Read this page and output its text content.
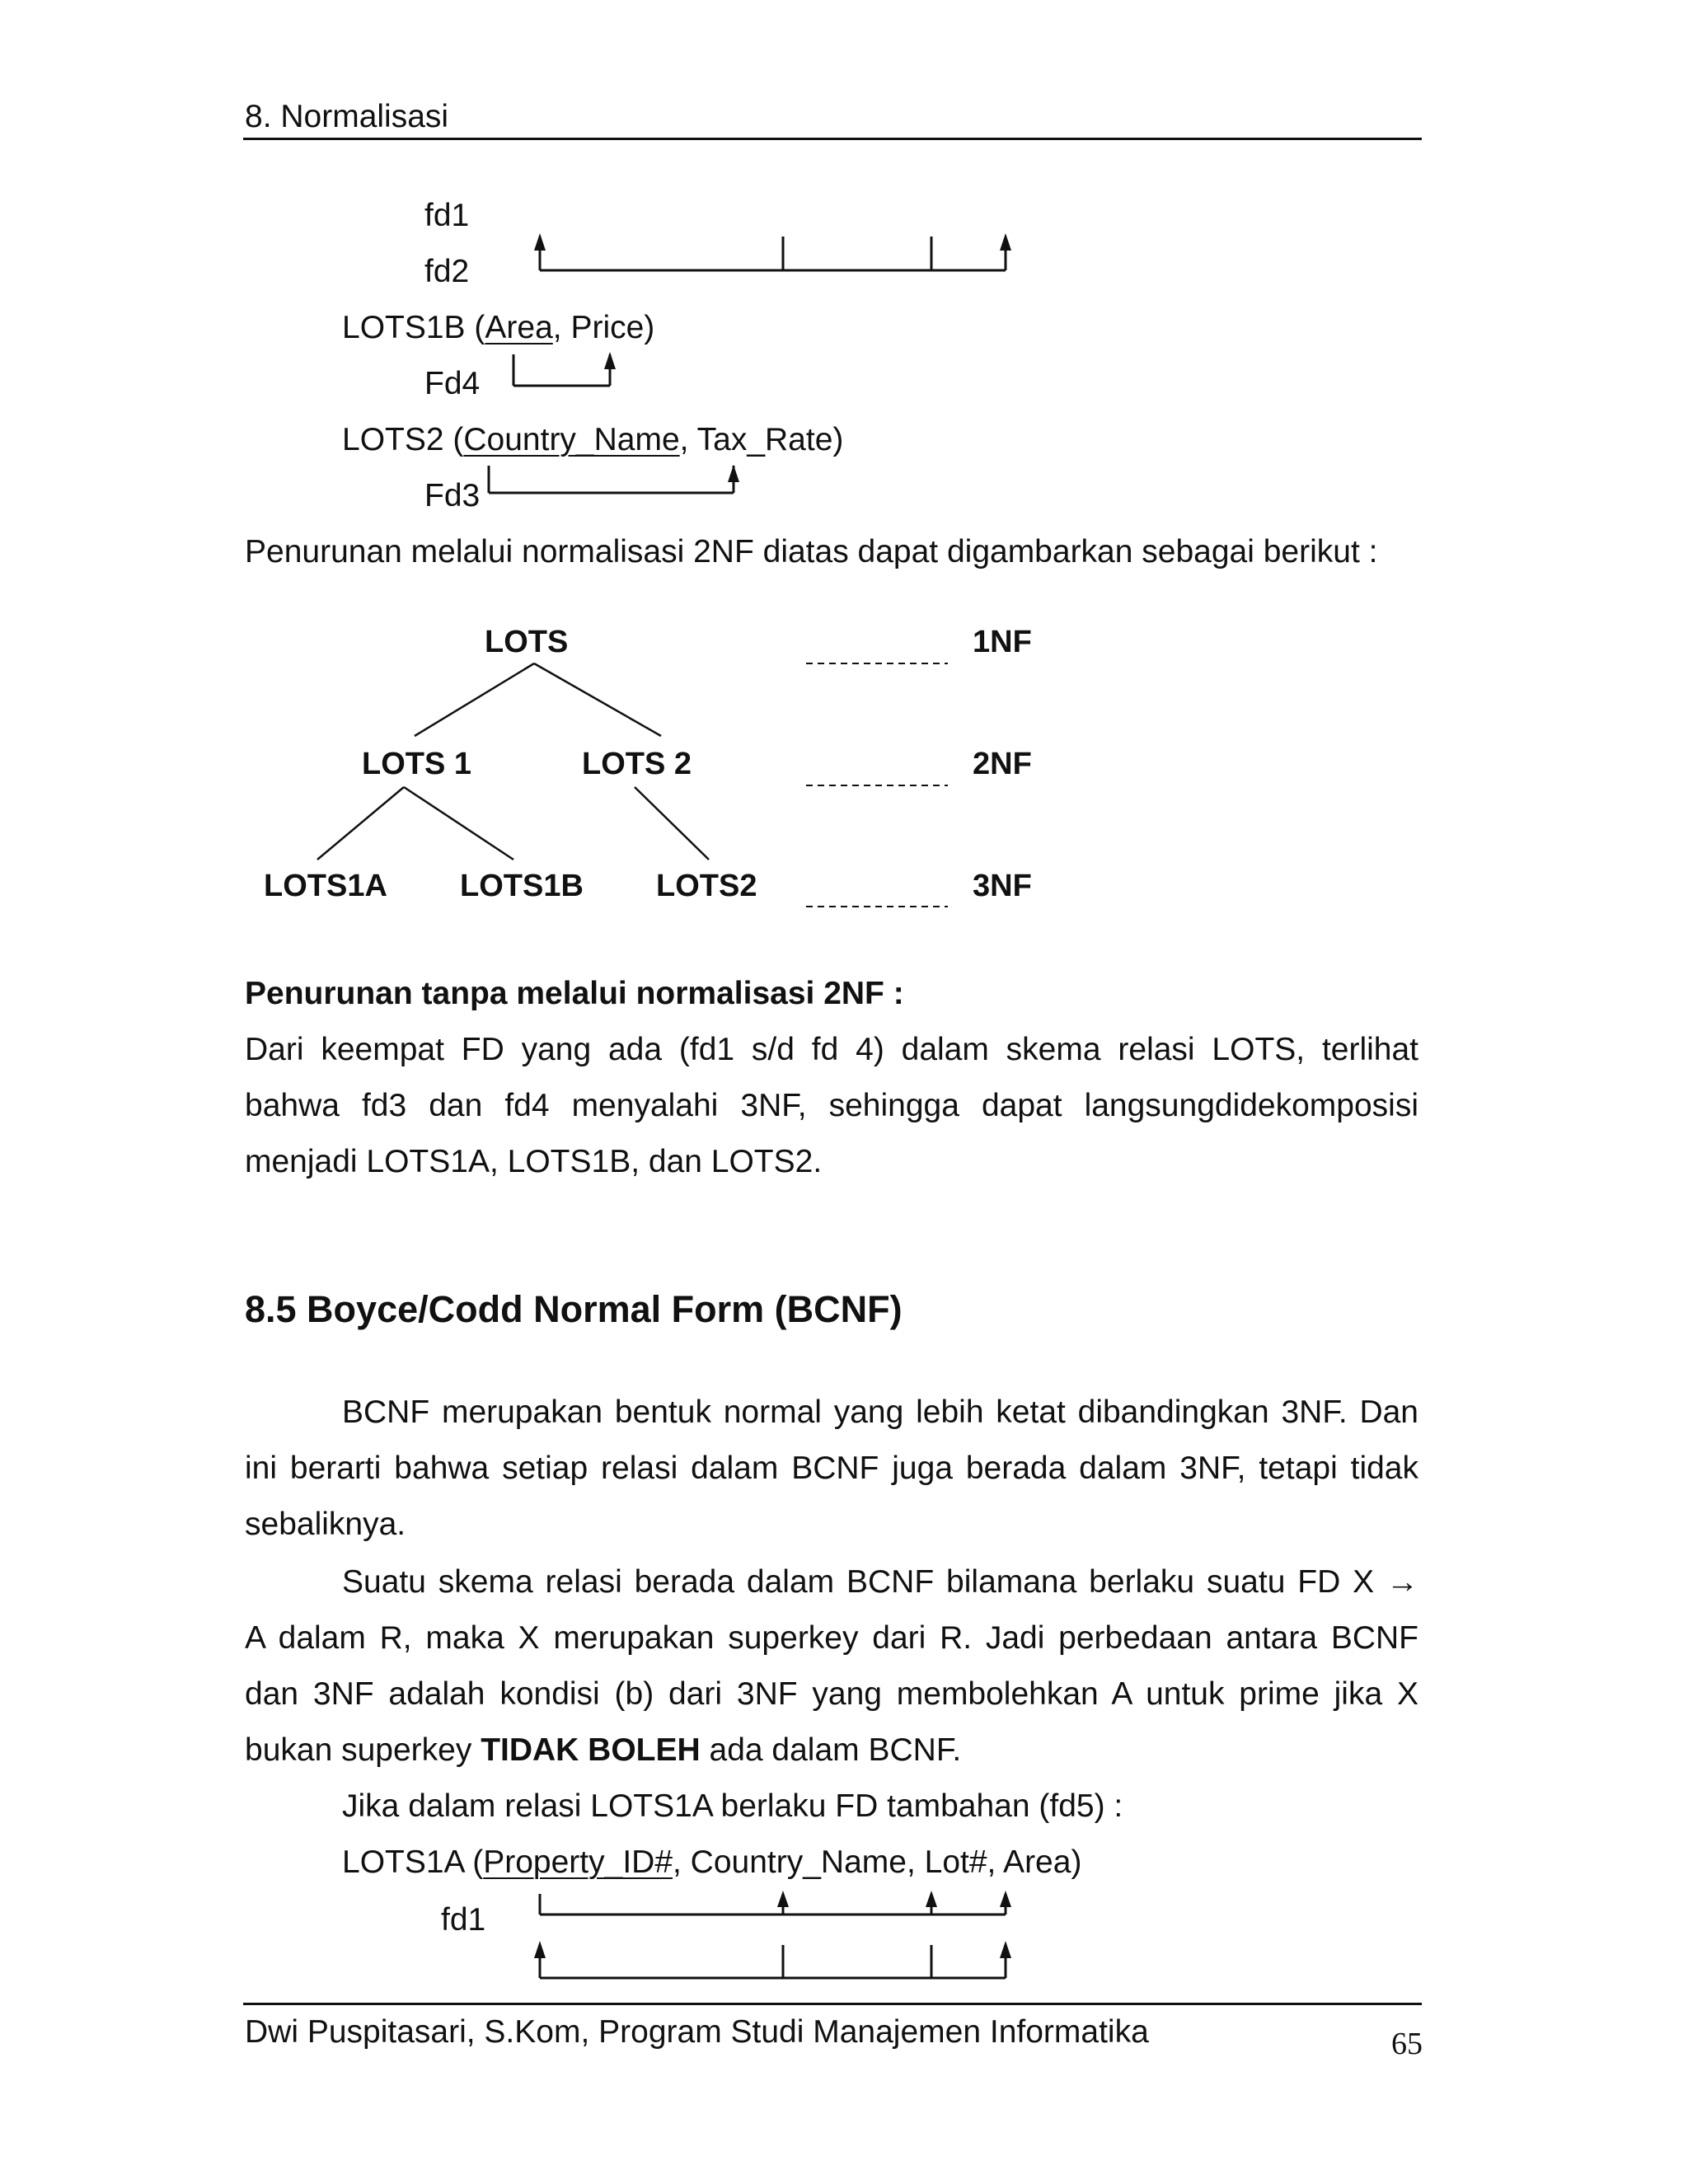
8. Normalisasi
fd1
fd2
LOTS1B (Area, Price)
Fd4
LOTS2 (Country_Name, Tax_Rate)
Fd3
Penurunan melalui normalisasi 2NF diatas dapat digambarkan sebagai berikut :
LOTS
LOTS 1	LOTS 2
LOTS1A LOTS1B LOTS2
1NF
2NF
3NF
Penurunan tanpa melalui normalisasi 2NF :
Dari keempat FD yang ada (fd1 s/d fd 4) dalam skema relasi LOTS, terlihat
bahwa fd3 dan fd4 menyalahi 3NF, sehingga dapat langsungdidekomposisi
menjadi LOTS1A, LOTS1B, dan LOTS2.
8.5 Boyce/Codd Normal Form (BCNF)
BCNF merupakan bentuk normal yang lebih ketat dibandingkan 3NF. Dan
ini berarti bahwa setiap relasi dalam BCNF juga berada dalam 3NF, tetapi tidak
sebaliknya.
Suatu skema relasi berada dalam BCNF bilamana berlaku suatu FD X →
A dalam R, maka X merupakan superkey dari R. Jadi perbedaan antara BCNF
dan 3NF adalah kondisi (b) dari 3NF yang membolehkan A untuk prime jika X
bukan superkey TIDAK BOLEH ada dalam BCNF.
Jika dalam relasi LOTS1A berlaku FD tambahan (fd5) :
LOTS1A (Property_ID#, Country_Name, Lot#, Area)
fd1
Dwi Puspitasari, S.Kom, Program Studi Manajemen Informatika	65
